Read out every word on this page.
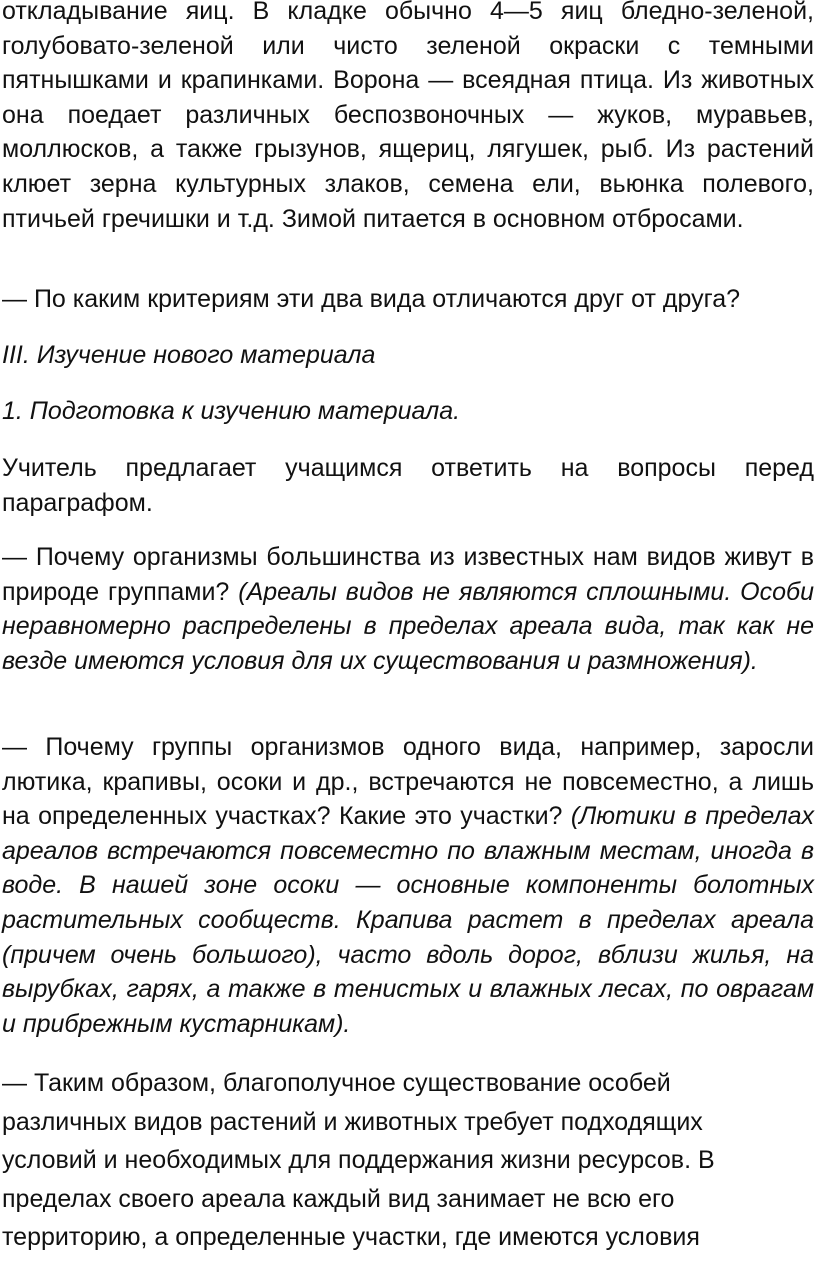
откладывание яиц. В кладке обычно 4—5 яиц бледно-зеленой, голубовато-зеленой или чисто зеленой окраски с темными пятнышками и крапинками. Ворона — всеядная птица. Из животных она поедает различных беспозвоночных — жуков, муравьев, моллюсков, а также грызунов, ящериц, лягушек, рыб. Из растений клюет зерна культурных злаков, семена ели, вьюнка полевого, птичьей гречишки и т.д. Зимой питается в основном отбросами.

— По каким критериям эти два вида отличаются друг от друга?

III. Изучение нового материала

1. Подготовка к изучению материала.

Учитель предлагает учащимся ответить на вопросы перед параграфом.

— Почему организмы большинства из известных нам видов живут в природе группами? (Ареалы видов не являются сплошными. Особи неравномерно распределены в пределах ареала вида, так как не везде имеются условия для их существования и размножения).

— Почему группы организмов одного вида, например, заросли лютика, крапивы, осоки и др., встречаются не повсеместно, а лишь на определенных участках? Какие это участки? (Лютики в пределах ареалов встречаются повсеместно по влажным местам, иногда в воде. В нашей зоне осоки — основные компоненты болотных растительных сообществ. Крапива растет в пределах ареала (причем очень большого), часто вдоль дорог, вблизи жилья, на вырубках, гарях, а также в тенистых и влажных лесах, по оврагам и прибрежным кустарникам).

— Таким образом, благополучное существование особей различных видов растений и животных требует подходящих условий и необходимых для поддержания жизни ресурсов. В пределах своего ареала каждый вид занимает не всю его территорию, а определенные участки, где имеются условия
